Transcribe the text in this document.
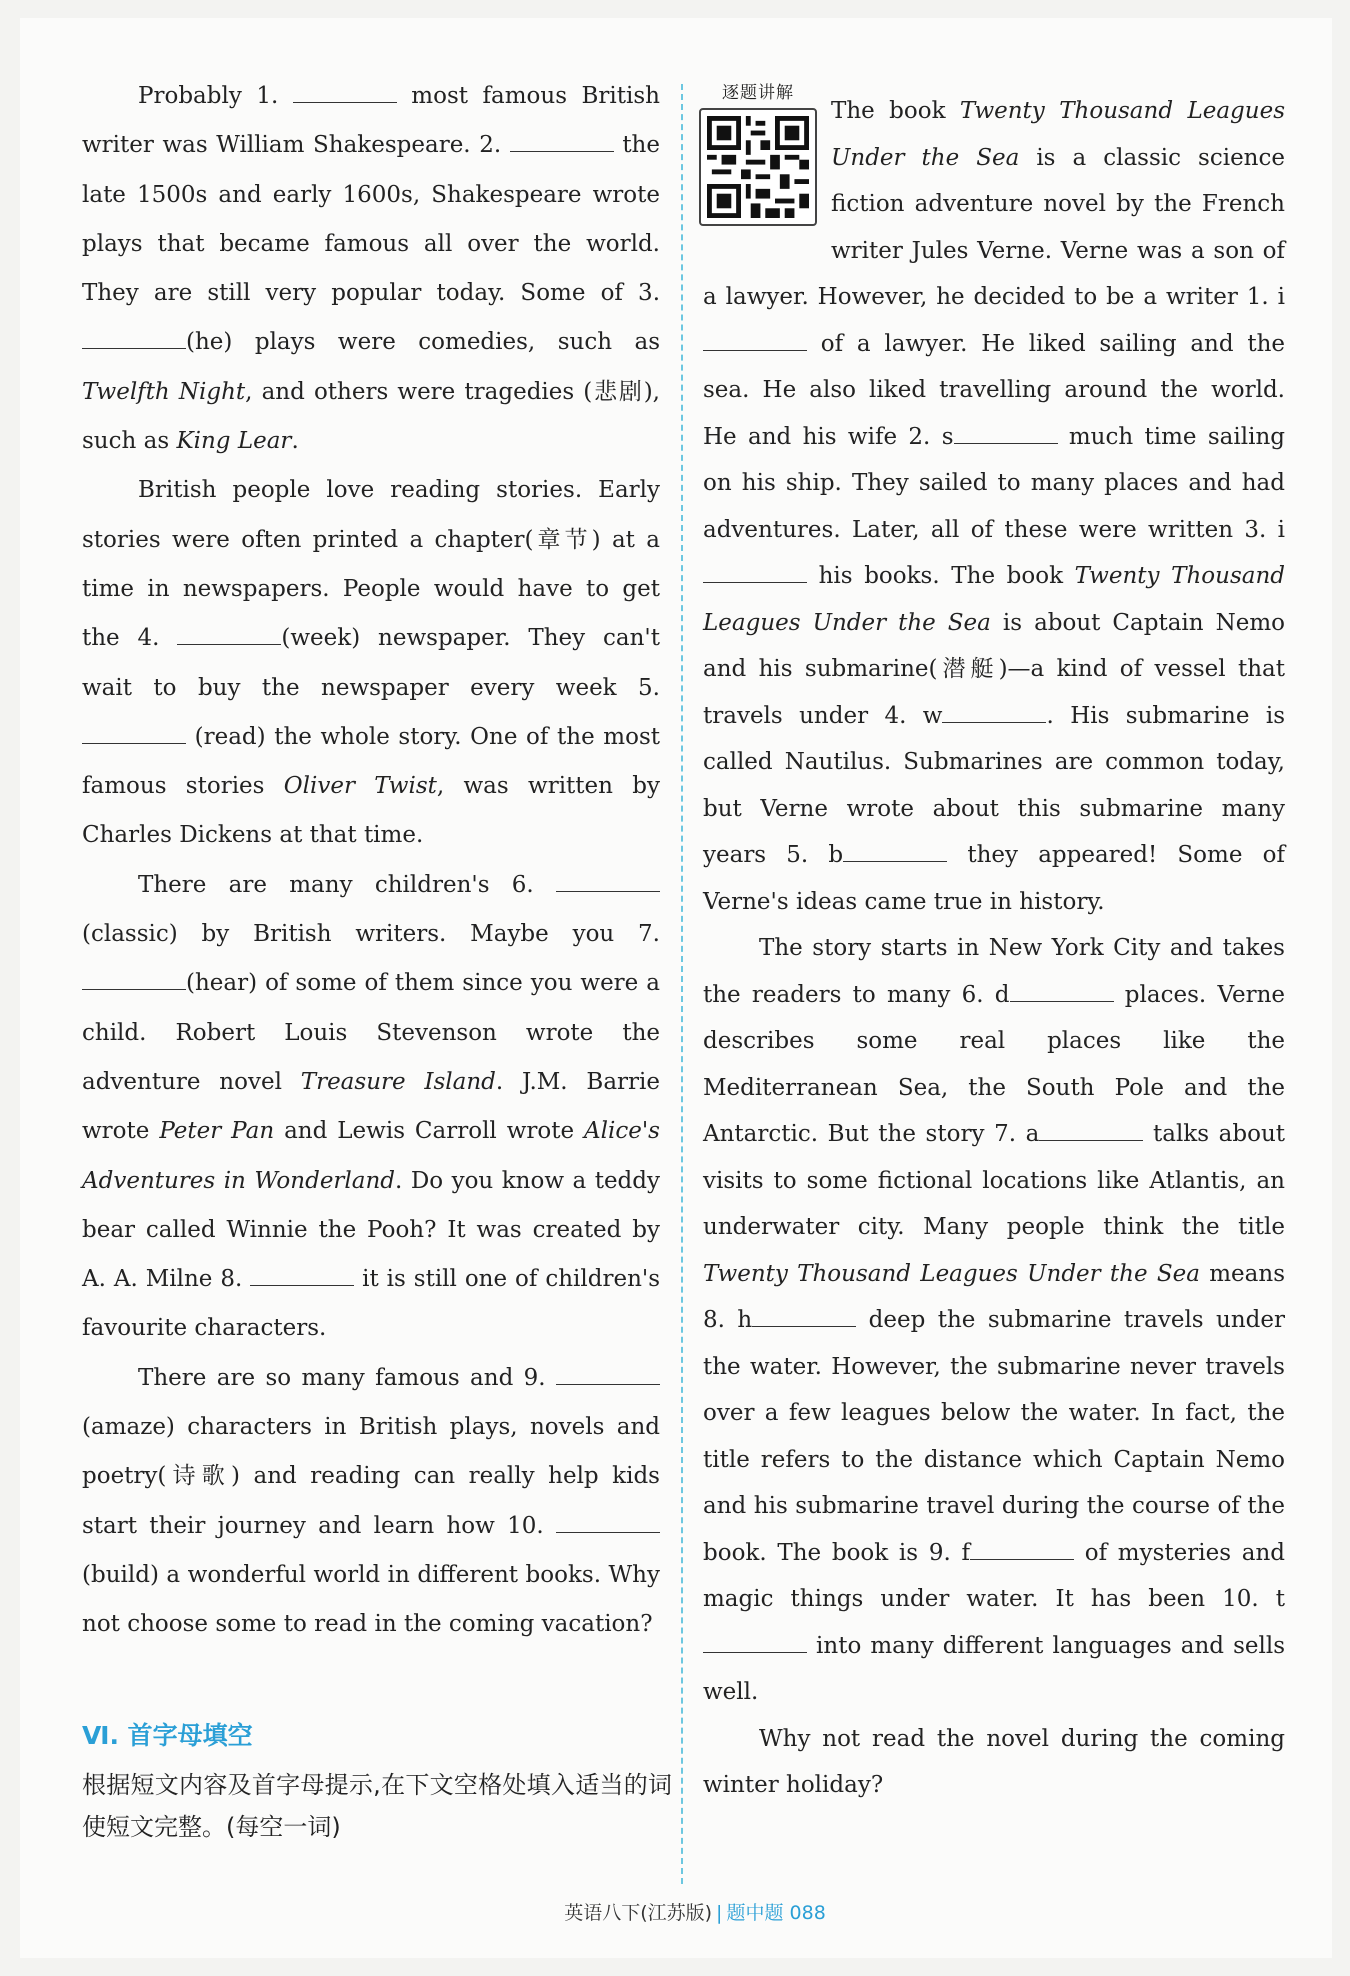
Probably 1.	most famous British writer was William Shakespeare. 2.	the late 1500s and early 1600s, Shakespeare wrote plays that became famous all over the world. They are still very popular today. Some of 3. (he) plays were comedies, such as Twelfth Night, and others were tragedies (悲剧), such as King Lear.

British people love reading stories. Early stories were often printed a chapter(章节) at a time in newspapers. People would have to get the 4.	(week) newspaper. They can't wait to buy the newspaper every week 5.  (read) the whole story. One of the most famous stories Oliver Twist, was written by Charles Dickens at that time.

There are many children's 6. (classic) by British writers. Maybe you 7. (hear) of some of them since you were a child. Robert Louis Stevenson wrote the adventure novel Treasure Island. J.M. Barrie wrote Peter Pan and Lewis Carroll wrote Alice's Adventures in Wonderland. Do you know a teddy bear called Winnie the Pooh? It was created by A. A. Milne 8.	it is still one of children's favourite characters.

There are so many famous and 9.  (amaze) characters in British plays, novels and poetry(诗歌) and reading can really help kids start their journey and learn how 10.  (build) a wonderful world in different books. Why not choose some to read in the coming vacation?

逐题讲解

The book Twenty Thousand Leagues Under the Sea is a classic science fiction adventure novel by the French writer Jules Verne. Verne was a son of a lawyer. However, he decided to be a writer 1. i of a lawyer. He liked sailing and the sea. He also liked travelling around the world. He and his wife 2. s	much time sailing on his ship. They sailed to many places and had adventures. Later, all of these were written 3. i his books. The book Twenty Thousand Leagues Under the Sea is about Captain Nemo and his submarine(潜艇)—a kind of vessel that travels under 4. w	. His submarine is called Nautilus. Submarines are common today, but Verne wrote about this submarine many years 5. b	they appeared! Some of Verne's ideas came true in history.

The story starts in New York City and takes the readers to many 6. d	places. Verne describes some real places like the Mediterranean Sea, the South Pole and the Antarctic. But the story 7. a	talks about visits to some fictional locations like Atlantis, an underwater city. Many people think the title Twenty Thousand Leagues Under the Sea means 8. h	deep the submarine travels under the water. However, the submarine never travels over a few leagues below the water. In fact, the title refers to the distance which Captain Nemo and his submarine travel during the course of the book. The book is 9. f	of mysteries and magic things under water. It has been 10. t into many different languages and sells well.

Why not read the novel during the coming winter holiday?

Ⅵ. 首字母填空
根据短文内容及首字母提示,在下文空格处填入适当的词使短文完整。(每空一词)
英语八下(江苏版) | 题中题 088
